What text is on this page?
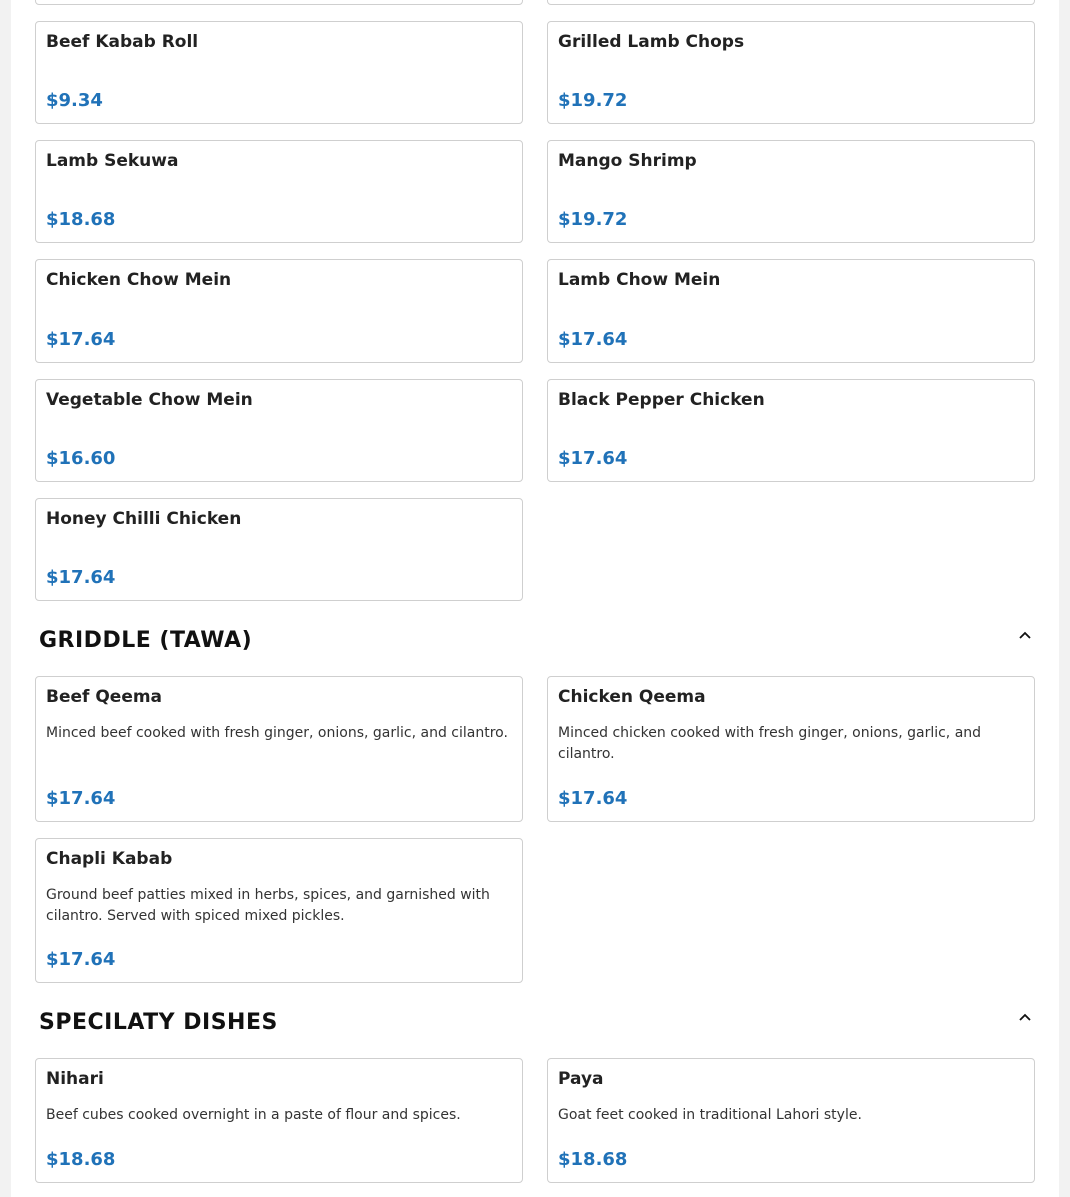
Beef Kabab Roll
$9.34
Grilled Lamb Chops
$19.72
Lamb Sekuwa
$18.68
Mango Shrimp
$19.72
Chicken Chow Mein
$17.64
Lamb Chow Mein
$17.64
Vegetable Chow Mein
$16.60
Black Pepper Chicken
$17.64
Honey Chilli Chicken
$17.64
GRIDDLE (TAWA)
Beef Qeema
Minced beef cooked with fresh ginger, onions, garlic, and cilantro.
$17.64
Chicken Qeema
Minced chicken cooked with fresh ginger, onions, garlic, and cilantro.
$17.64
Chapli Kabab
Ground beef patties mixed in herbs, spices, and garnished with cilantro. Served with spiced mixed pickles.
$17.64
SPECILATY DISHES
Nihari
Beef cubes cooked overnight in a paste of flour and spices.
$18.68
Paya
Goat feet cooked in traditional Lahori style.
$18.68
